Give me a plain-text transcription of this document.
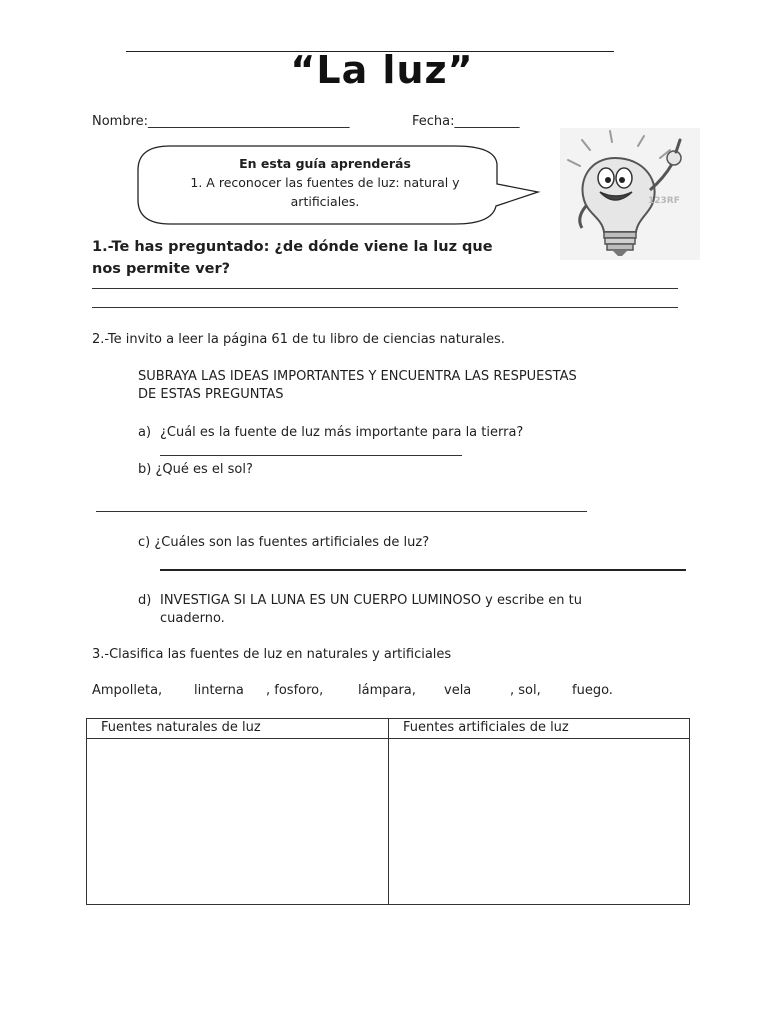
“La luz”
Nombre:_______________________________	Fecha:__________
En esta guía aprenderás
1. A reconocer las fuentes de luz: natural y
artificiales.	123RF
1.-Te has preguntado: ¿de dónde viene la luz que
nos permite ver?
2.-Te invito a leer la página 61 de tu libro de ciencias naturales.
SUBRAYA LAS IDEAS IMPORTANTES Y ENCUENTRA LAS RESPUESTAS
DE ESTAS PREGUNTAS
a) ¿Cuál es la fuente de luz más importante para la tierra?
b) ¿Qué es el sol?
c) ¿Cuáles son las fuentes artificiales de luz?
d) INVESTIGA SI LA LUNA ES UN CUERPO LUMINOSO y escribe en tu
cuaderno.
3.-Clasifica las fuentes de luz en naturales y artificiales
Ampolleta, linterna , fosforo,	lámpara, vela	, sol, fuego.
Fuentes naturales de luz	Fuentes artificiales de luz
